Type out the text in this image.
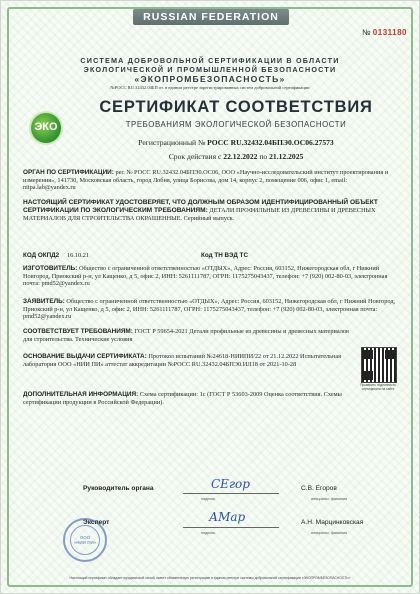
RUSSIAN FEDERATION
№ 0131180
СИСТЕМА ДОБРОВОЛЬНОЙ СЕРТИФИКАЦИИ В ОБЛАСТИ
ЭКОЛОГИЧЕСКОЙ И ПРОМЫШЛЕННОЙ БЕЗОПАСНОСТИ
«ЭКОПРОМБЕЗОПАСНОСТЬ»
№РОСС RU.32432.04БП от. в едином реестре зарегистрированных систем добровольной сертификации
ЭКО
СЕРТИФИКАТ СООТВЕТСТВИЯ
ТРЕБОВАНИЯМ ЭКОЛОГИЧЕСКОЙ БЕЗОПАСНОСТИ
Регистрационный № РОСС RU.32432.04БПЭ0.ОС06.27573
Срок действия с 22.12.2022 по 21.12.2025
ОРГАН ПО СЕРТИФИКАЦИИ: рег. № РОСС RU.32432.04БПЭ0.ОС06, ООО «Научно-исследовательский институт проектирования и измерения», 141730, Московская область, город Лобня, улица Борисова, дом 14, корпус 2, помещение 006, офис 1, email: niipa.lab@yandex.ru
НАСТОЯЩИЙ СЕРТИФИКАТ УДОСТОВЕРЯЕТ, ЧТО ДОЛЖНЫМ ОБРАЗОМ ИДЕНТИФИЦИРОВАННЫЙ ОБЪЕКТ СЕРТИФИКАЦИИ ПО ЭКОЛОГИЧЕСКИМ ТРЕБОВАНИЯМ: ДЕТАЛИ ПРОФИЛЬНЫЕ ИЗ ДРЕВЕСИНЫ И ДРЕВЕСНЫХ МАТЕРИАЛОВ ДЛЯ СТРОИТЕЛЬСТВА ОКРАШЕННЫЕ. Серийный выпуск.
КОД ОКПД2 16.10.21	Код ТН ВЭД ТС
ИЗГОТОВИТЕЛЬ: Общество с ограниченной ответственностью «ОТДЫХ», Адрес: Россия, 603152, Нижегородская обл, г Нижний Новгород, Приокский р-н, ул Кащенко, д 5, офис 2, ИНН: 5261111787, ОГРН: 1175275043437, телефон: +7 (920) 002-80-03, электронная почта: pmd52@yandex.ru
ЗАЯВИТЕЛЬ: Общество с ограниченной ответственностью «ОТДЫХ», Адрес: Россия, 603152, Нижегородская обл, г Нижний Новгород, Приокский р-н, ул Кащенко, д 5, офис 2, ИНН: 5261111787, ОГРН: 1175275043437, телефон: +7 (920) 002-80-03, электронная почта: pmd52@yandex.ru
СООТВЕТСТВУЕТ ТРЕБОВАНИЯМ: ГОСТ Р 59654-2021 Детали профильные из древесины и древесных материалов для строительства. Технические условия
ОСНОВАНИЕ ВЫДАЧИ СЕРТИФИКАТА: Протокол испытаний №24618-НИИПИ/22 от 21.12.2022 Испытательная лаборатория ООО «НИИ ПИ» аттестат аккредитации №РОСС RU.32432.04БПЭ0.ИЛ18 от 2021-10-28
Проверить подлинность сертификата на сайте
ДОПОЛНИТЕЛЬНАЯ ИНФОРМАЦИЯ: Схема сертификации: 1с (ГОСТ Р 53603-2009 Оценка соответствия. Схемы сертификации продукции в Российской Федерации).
Руководитель органа	СЕгор	С.В. Егоров
подпись	инициалы, фамилия
Эксперт	АМар	А.Н. Марцинковская
подпись	инициалы, фамилия
ООО
«НИИ ПИ»
Настоящий сертификат обладает юридической силой, имеет обязательную регистрацию в едином реестре системы добровольной сертификации «ЭКОПРОМБЕЗОПАСНОСТЬ»
